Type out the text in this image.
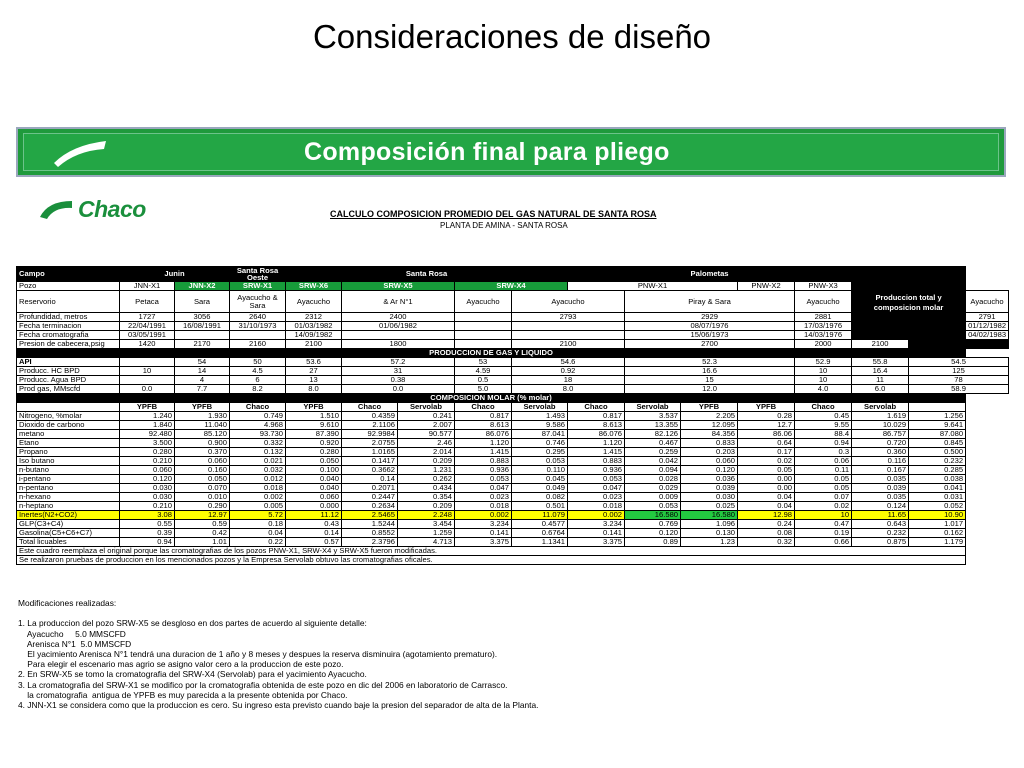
Consideraciones de diseño
Composición final para pliego
Chaco	CALCULO COMPOSICION PROMEDIO DEL GAS NATURAL DE SANTA ROSA
PLANTA DE AMINA - SANTA ROSA
Campo	Junin		Santa Rosa Oeste	Santa Rosa					Palometas					Produccion total y composicion molar		
Pozo	JNN-X1	JNN-X2	SRW-X1	SRW-X6	SRW-X5		SRW-X4		PNW-X1			PNW-X2	PNW-X3			
Reservorio	Petaca	Sara	Ayacucho & Sara	Ayacucho	& Ar N°1		Ayacucho	Ayacucho		Piray & Sara			Ayacucho			Ayacucho
Profundidad, metros	1727	3056	2640	2312	2400			2793		2929			2881			2791
Fecha terminacion	22/04/1991	16/08/1991	31/10/1973	01/03/1982	01/06/1982					08/07/1976			17/03/1976			01/12/1982
Fecha cromatografia	03/05/1991			14/09/1982						15/06/1973			14/03/1976			04/02/1983
Presion de cabecera,psig	1420	2170	2160	2100	1800			2100		2700			2000	2100		
PRODUCCION DE GAS Y LIQUIDO																
API		54	50	53.6	57.2		53	54.6		52.3			52.9	55.8	54.5	
Producc. HC BPD	10	14	4.5	27	31		4.59	0.92		16.6			10	16.4	125	
Producc. Agua BPD		4	6	13	0.38		0.5	18		15			10	11	78	
Prod gas, MMscfd	0.0	7.7	8.2	8.0	0.0		5.0	8.0		12.0			4.0	6.0	58.9	
COMPOSICION MOLAR (% molar)																
	YPFB	YPFB	Chaco	YPFB	Chaco	Servolab	Chaco	Servolab	Chaco	Servolab	YPFB	YPFB	Chaco	Servolab		
Nitrogeno, %molar	1.240	1.930	0.749	1.510	0.4359	0.241	0.817	1.493	0.817	3.537	2.205	0.28	0.45	1.619	1.256	
Dioxido de carbono	1.840	11.040	4.968	9.610	2.1106	2.007	8.613	9.586	8.613	13.355	12.095	12.7	9.55	10.029	9.641	
metano	92.480	85.120	93.730	87.390	92.9984	90.577	86.076	87.041	86.076	82.126	84.356	86.06	88.4	86.757	87.080	
Etano	3.500	0.900	0.332	0.920	2.0755	2.46	1.120	0.746	1.120	0.467	0.833	0.64	0.94	0.720	0.845	
Propano	0.280	0.370	0.132	0.280	1.0165	2.014	1.415	0.295	1.415	0.259	0.203	0.17	0.3	0.360	0.500	
Iso butano	0.210	0.060	0.021	0.050	0.1417	0.209	0.883	0.053	0.883	0.042	0.060	0.02	0.06	0.116	0.232	
n-butano	0.060	0.160	0.032	0.100	0.3662	1.231	0.936	0.110	0.936	0.094	0.120	0.05	0.11	0.167	0.285	
i-pentano	0.120	0.050	0.012	0.040	0.14	0.262	0.053	0.045	0.053	0.028	0.036	0.00	0.05	0.035	0.038	
n-pentano	0.030	0.070	0.018	0.040	0.2071	0.434	0.047	0.049	0.047	0.029	0.039	0.00	0.05	0.039	0.041	
n-hexano	0.030	0.010	0.002	0.060	0.2447	0.354	0.023	0.082	0.023	0.009	0.030	0.04	0.07	0.035	0.031	
n-heptano	0.210	0.290	0.005	0.000	0.2634	0.209	0.018	0.501	0.018	0.053	0.025	0.04	0.02	0.124	0.052	
Inertes(N2+CO2)	3.08	12.97	5.72	11.12	2.5465	2.248	0.002	11.079	0.002	16.580	16.580	12.98	10	11.65	10.90	
GLP(C3+C4)	0.55	0.59	0.18	0.43	1.5244	3.454	3.234	0.4577	3.234	0.769	1.096	0.24	0.47	0.643	1.017	
Gasolina(C5+C6+C7)	0.39	0.42	0.04	0.14	0.8552	1.259	0.141	0.6764	0.141	0.120	0.130	0.08	0.19	0.232	0.162	
Total licuables	0.94	1.01	0.22	0.57	2.3796	4.713	3.375	1.1341	3.375	0.89	1.23	0.32	0.66	0.875	1.179	
Este cuadro reemplaza el original porque las cromatografias de los pozos PNW-X1, SRW-X4 y SRW-X5 fueron modificadas.																
Se realizaron pruebas de produccion en los mencionados pozos y la Empresa Servolab obtuvo las cromatografias oficales.																

Modificaciones realizadas:

1. La produccion del pozo SRW-X5 se desgloso en dos partes de acuerdo al siguiente detalle:

Ayacucho     5.0 MMSCFD

Arenisca N°1  5.0 MMSCFD

El yacimiento Arenisca N°1 tendrá una duracion de 1 año y 8 meses y despues la reserva disminuira (agotamiento prematuro).

Para elegir el escenario mas agrio se asigno valor cero a la produccion de este pozo.

2. En SRW-X5 se tomo la cromatografia del SRW-X4 (Servolab) para el yacimiento Ayacucho.

3. La cromatografia del SRW-X1 se modifico por la cromatografia obtenida de este pozo en dic del 2006 en laboratorio de Carrasco.

la cromatografia  antigua de YPFB es muy parecida a la presente obtenida por Chaco.

4. JNN-X1 se considera como que la produccion es cero. Su ingreso esta previsto cuando baje la presion del separador de alta de la Planta.
